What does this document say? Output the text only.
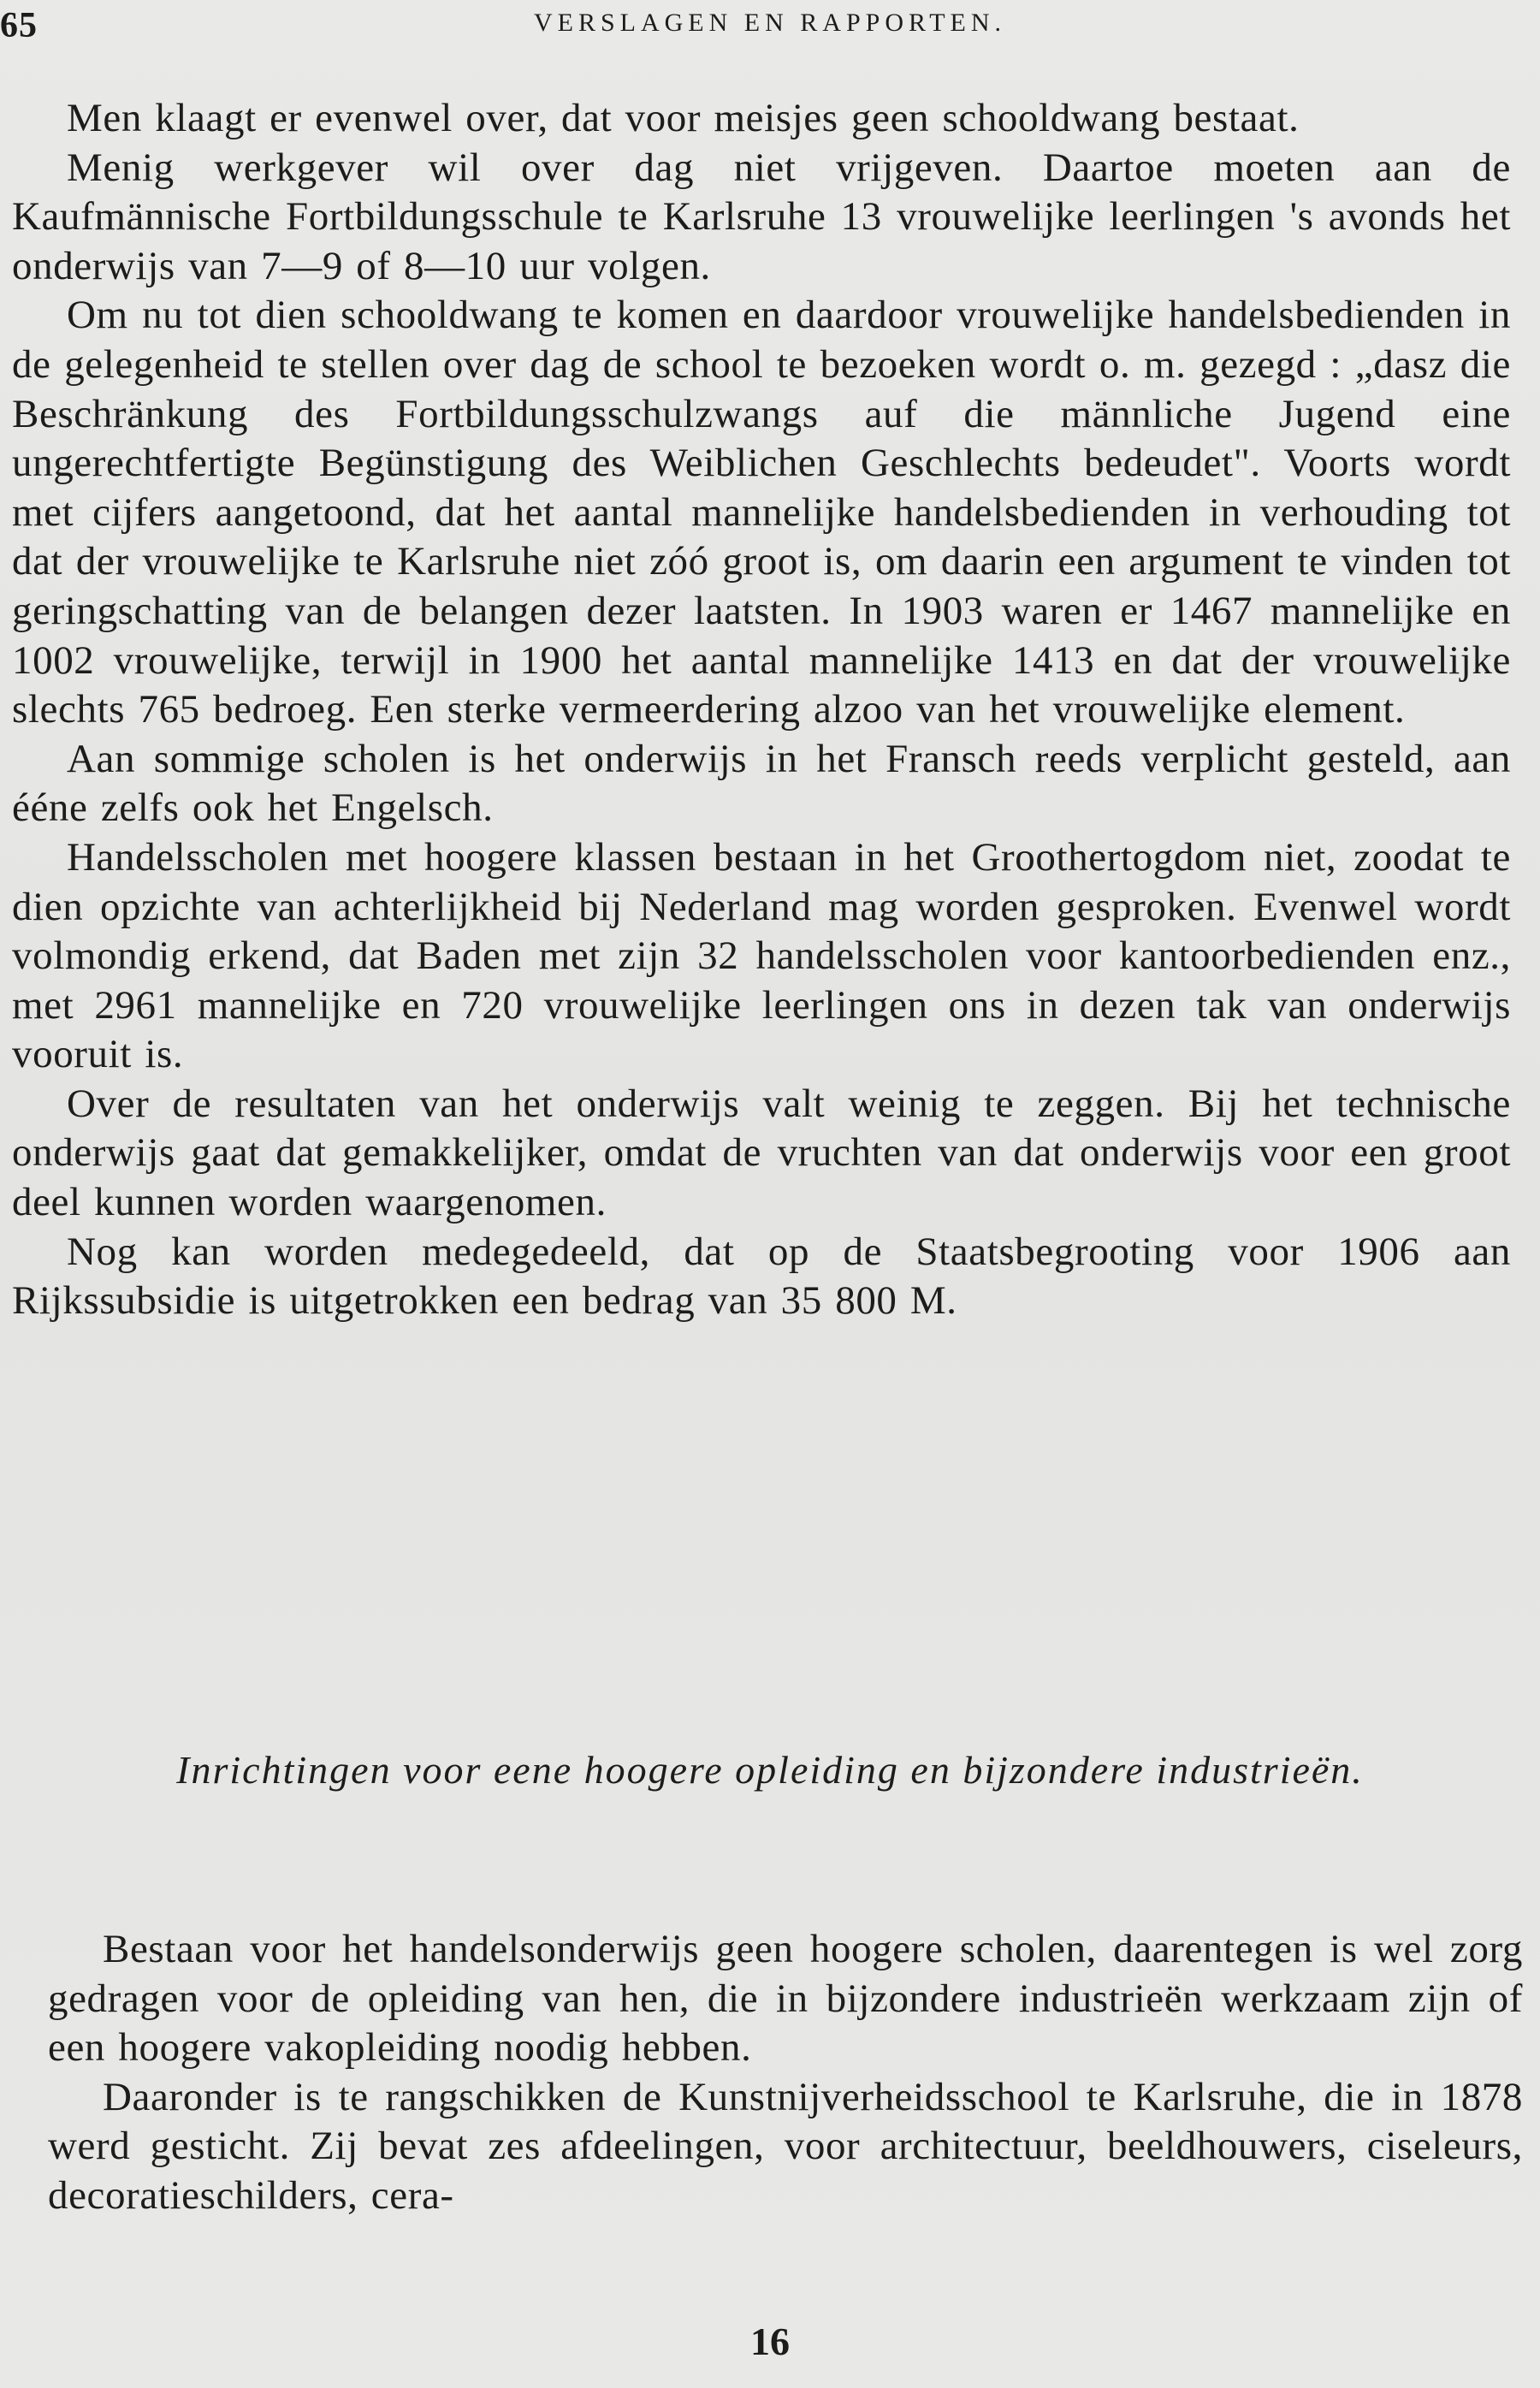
65	VERSLAGEN EN RAPPORTEN.

Men klaagt er evenwel over, dat voor meisjes geen schooldwang bestaat.

Menig werkgever wil over dag niet vrijgeven. Daartoe moeten aan de Kaufmännische Fortbildungsschule te Karlsruhe 13 vrouwelijke leerlingen 's avonds het onderwijs van 7—9 of 8—10 uur volgen.

Om nu tot dien schooldwang te komen en daardoor vrouwelijke handelsbedienden in de gelegenheid te stellen over dag de school te bezoeken wordt o. m. gezegd : „dasz die Beschränkung des Fortbildungsschulzwangs auf die männliche Jugend eine ungerechtfertigte Begünstigung des Weiblichen Geschlechts bedeudet". Voorts wordt met cijfers aangetoond, dat het aantal mannelijke handelsbedienden in verhouding tot dat der vrouwelijke te Karlsruhe niet zóó groot is, om daarin een argument te vinden tot geringschatting van de belangen dezer laatsten. In 1903 waren er 1467 mannelijke en 1002 vrouwelijke, terwijl in 1900 het aantal mannelijke 1413 en dat der vrouwelijke slechts 765 bedroeg. Een sterke vermeerdering alzoo van het vrouwelijke element.

Aan sommige scholen is het onderwijs in het Fransch reeds verplicht gesteld, aan ééne zelfs ook het Engelsch.

Handelsscholen met hoogere klassen bestaan in het Groothertogdom niet, zoodat te dien opzichte van achterlijkheid bij Nederland mag worden gesproken. Evenwel wordt volmondig erkend, dat Baden met zijn 32 handelsscholen voor kantoorbedienden enz., met 2961 mannelijke en 720 vrouwelijke leerlingen ons in dezen tak van onderwijs vooruit is.

Over de resultaten van het onderwijs valt weinig te zeggen. Bij het technische onderwijs gaat dat gemakkelijker, omdat de vruchten van dat onderwijs voor een groot deel kunnen worden waargenomen.

Nog kan worden medegedeeld, dat op de Staatsbegrooting voor 1906 aan Rijkssubsidie is uitgetrokken een bedrag van 35 800 M.

Inrichtingen voor eene hoogere opleiding en bijzondere industrieën.

Bestaan voor het handelsonderwijs geen hoogere scholen, daarentegen is wel zorg gedragen voor de opleiding van hen, die in bijzondere industrieën werkzaam zijn of een hoogere vakopleiding noodig hebben.

Daaronder is te rangschikken de Kunstnijverheidsschool te Karlsruhe, die in 1878 werd gesticht. Zij bevat zes afdeelingen, voor architectuur, beeldhouwers, ciseleurs, decoratieschilders, cera-

16
